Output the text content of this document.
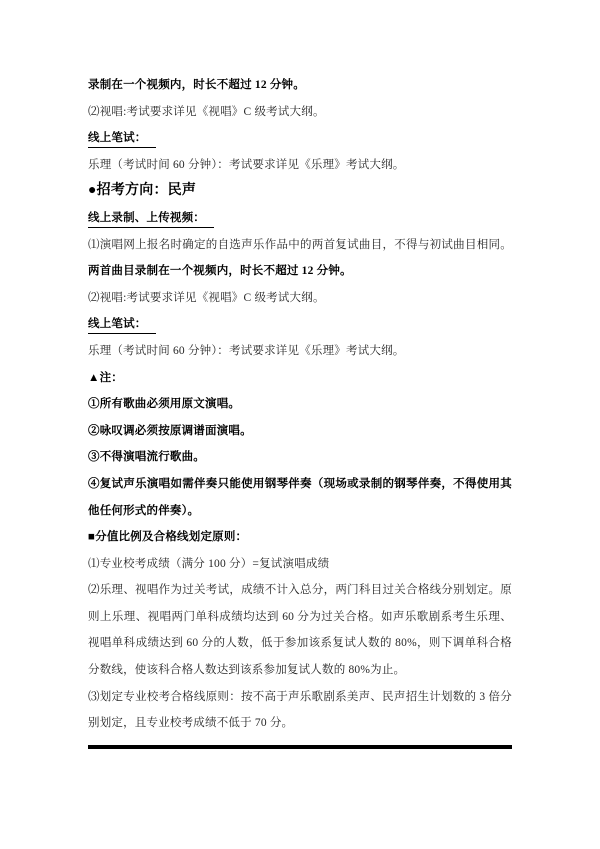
录制在一个视频内，时长不超过 12 分钟。

⑵视唱:考试要求详见《视唱》C 级考试大纲。

线上笔试：

乐理（考试时间 60 分钟）：考试要求详见《乐理》考试大纲。

●招考方向：民声

线上录制、上传视频：

⑴演唱网上报名时确定的自选声乐作品中的两首复试曲目，不得与初试曲目相同。两首曲目录制在一个视频内，时长不超过 12 分钟。

⑵视唱:考试要求详见《视唱》C 级考试大纲。

线上笔试：

乐理（考试时间 60 分钟）：考试要求详见《乐理》考试大纲。

▲注：

①所有歌曲必须用原文演唱。

②咏叹调必须按原调谱面演唱。

③不得演唱流行歌曲。

④复试声乐演唱如需伴奏只能使用钢琴伴奏（现场或录制的钢琴伴奏，不得使用其他任何形式的伴奏）。

■分值比例及合格线划定原则：

⑴专业校考成绩（满分 100 分）=复试演唱成绩

⑵乐理、视唱作为过关考试，成绩不计入总分，两门科目过关合格线分别划定。原则上乐理、视唱两门单科成绩均达到 60 分为过关合格。如声乐歌剧系考生乐理、视唱单科成绩达到 60 分的人数，低于参加该系复试人数的 80%，则下调单科合格分数线，使该科合格人数达到该系参加复试人数的 80%为止。

⑶划定专业校考合格线原则：按不高于声乐歌剧系美声、民声招生计划数的 3 倍分别划定，且专业校考成绩不低于 70 分。
